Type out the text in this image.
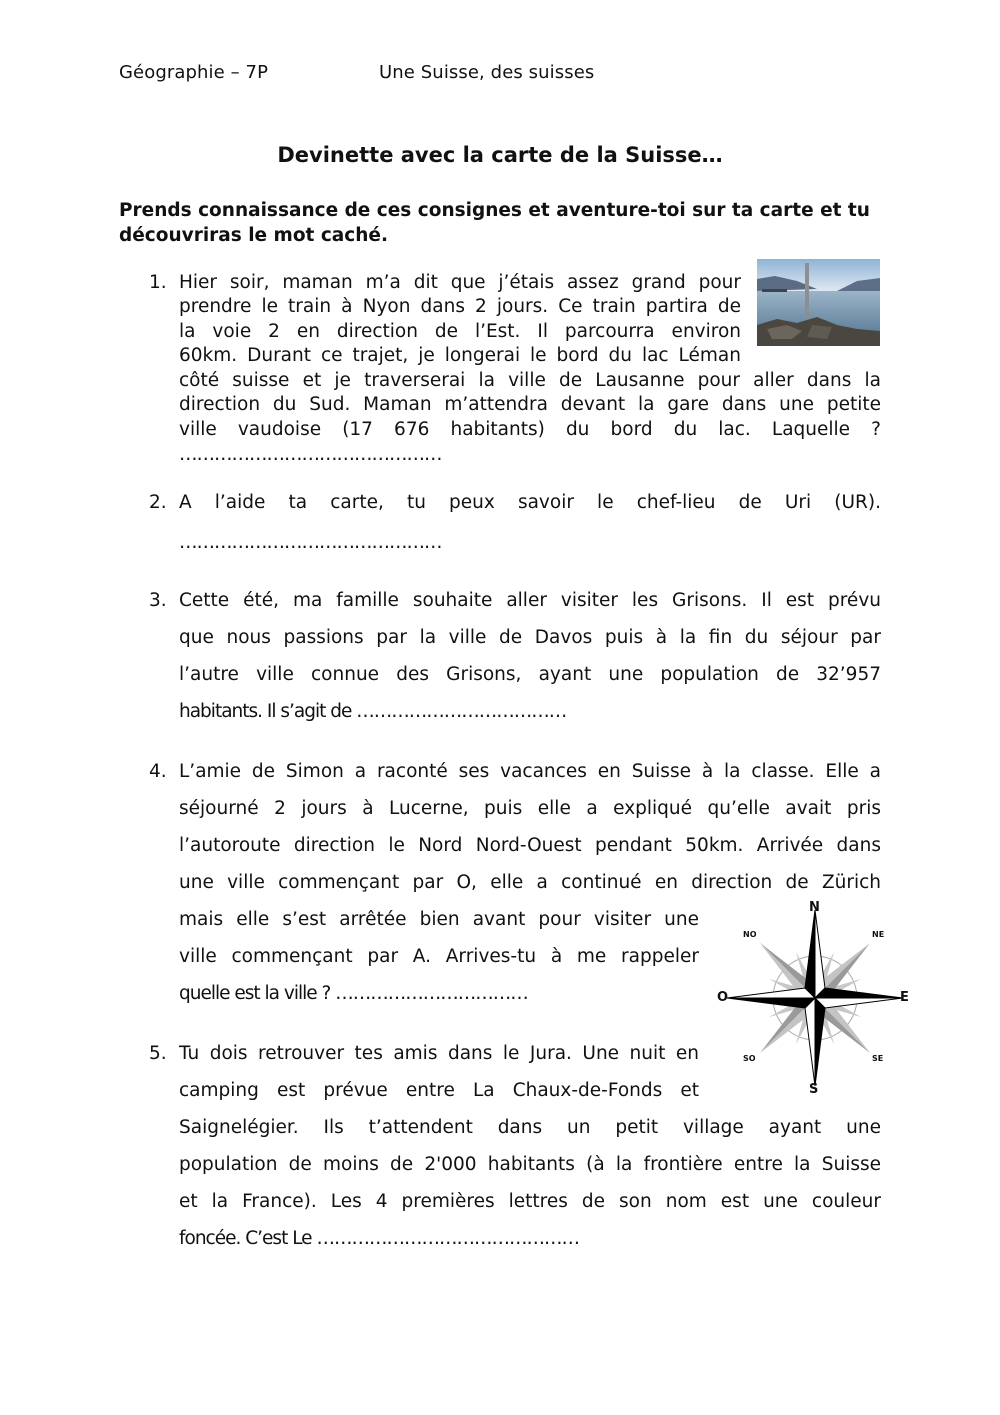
Géographie – 7P	Une Suisse, des suisses
Devinette avec la carte de la Suisse…
Prends connaissance de ces consignes et aventure-toi sur ta carte et tu découvriras le mot caché.
1. Hier soir, maman m’a dit que j’étais assez grand pour
prendre le train à Nyon dans 2 jours. Ce train partira de
la voie 2 en direction de l’Est. Il parcourra environ
60km. Durant ce trajet, je longerai le bord du lac Léman
côté suisse et je traverserai la ville de Lausanne pour aller dans la
direction du Sud. Maman m’attendra devant la gare dans une petite
ville vaudoise (17 676 habitants) du bord du lac. Laquelle ?
………………………………………
2. A l’aide ta carte, tu peux savoir le chef-lieu de Uri (UR).
………………………………………
3. Cette été, ma famille souhaite aller visiter les Grisons. Il est prévu
que nous passions par la ville de Davos puis à la fin du séjour par
l’autre ville connue des Grisons, ayant une population de 32’957
habitants. Il s’agit de ………………………………
4. L’amie de Simon a raconté ses vacances en Suisse à la classe. Elle a
séjourné 2 jours à Lucerne, puis elle a expliqué qu’elle avait pris
l’autoroute direction le Nord Nord-Ouest pendant 50km. Arrivée dans
une ville commençant par O, elle a continué en direction de Zürich
mais elle s’est arrêtée bien avant pour visiter une
ville commençant par A. Arrives-tu à me rappeler
quelle est la ville ? ……………………………
N
S
E
O
NE
NO
SE
SO
5. Tu dois retrouver tes amis dans le Jura. Une nuit en
camping est prévue entre La Chaux-de-Fonds et
Saignelégier. Ils t’attendent dans un petit village ayant une
population de moins de 2'000 habitants (à la frontière entre la Suisse
et la France). Les 4 premières lettres de son nom est une couleur
foncée. C’est Le ………………………………………
